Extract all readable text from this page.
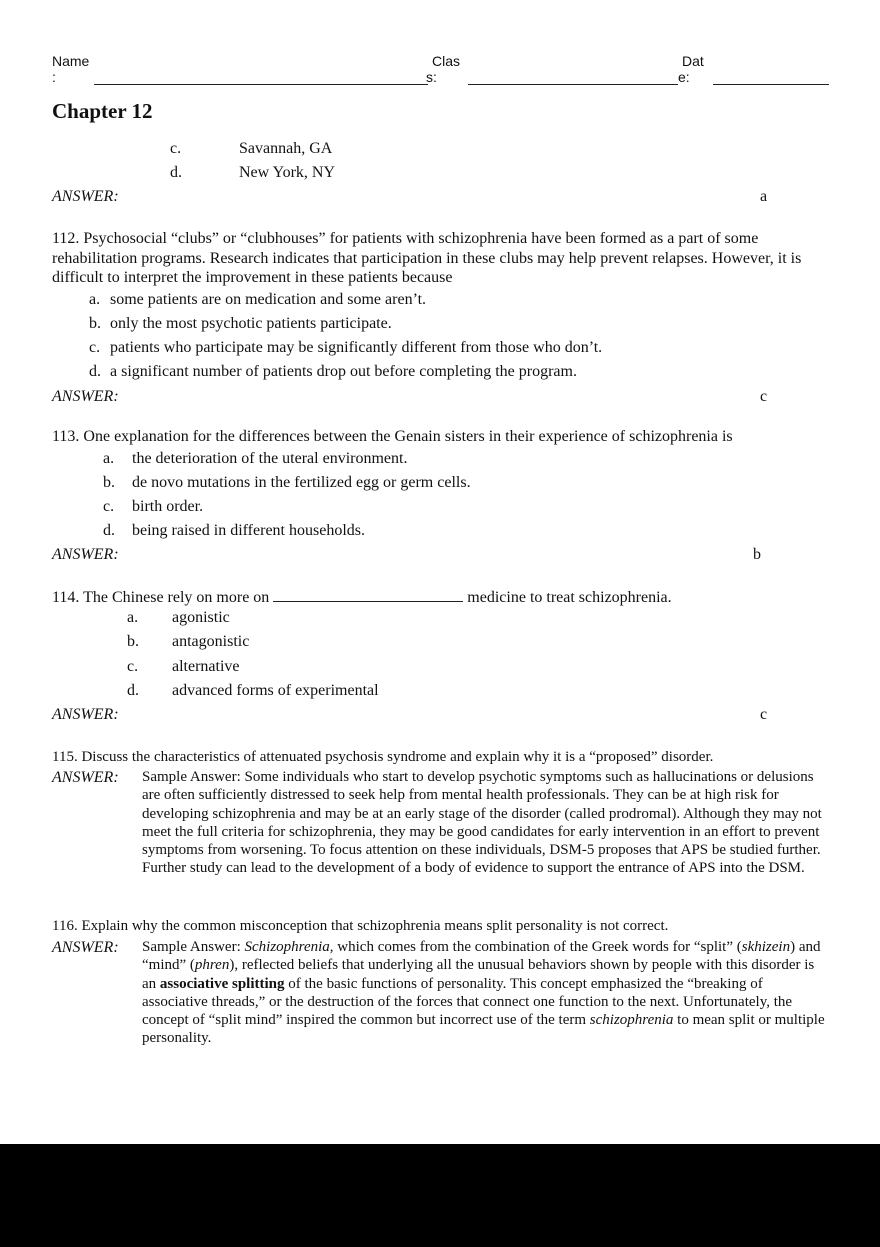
Name
:
Clas
s:
Dat
e:
Chapter 12
c.	Savannah, GA
d.	New York, NY
ANSWER:	a
112. Psychosocial “clubs” or “clubhouses” for patients with schizophrenia have been formed as a part of some rehabilitation programs. Research indicates that participation in these clubs may help prevent relapses. However, it is difficult to interpret the improvement in these patients because
a. some patients are on medication and some aren’t.
b. only the most psychotic patients participate.
c. patients who participate may be significantly different from those who don’t.
d. a significant number of patients drop out before completing the program.
ANSWER:	c
113. One explanation for the differences between the Genain sisters in their experience of schizophrenia is
a. the deterioration of the uteral environment.
b. de novo mutations in the fertilized egg or germ cells.
c. birth order.
d. being raised in different households.
ANSWER:	b
114. The Chinese rely on more on	medicine to treat schizophrenia.
a. agonistic
b. antagonistic
c. alternative
d. advanced forms of experimental
ANSWER:	c
115. Discuss the characteristics of attenuated psychosis syndrome and explain why it is a “proposed” disorder.
ANSWER: Sample Answer: Some individuals who start to develop psychotic symptoms such as hallucinations or delusions are often sufficiently distressed to seek help from mental health professionals. They can be at high risk for developing schizophrenia and may be at an early stage of the disorder (called prodromal). Although they may not meet the full criteria for schizophrenia, they may be good candidates for early intervention in an effort to prevent symptoms from worsening. To focus attention on these individuals, DSM-5 proposes that APS be studied further. Further study can lead to the development of a body of evidence to support the entrance of APS into the DSM.
116. Explain why the common misconception that schizophrenia means split personality is not correct.
ANSWER: Sample Answer: Schizophrenia, which comes from the combination of the Greek words for “split” (skhizein) and “mind” (phren), reflected beliefs that underlying all the unusual behaviors shown by people with this disorder is an associative splitting of the basic functions of personality. This concept emphasized the “breaking of associative threads,” or the destruction of the forces that connect one function to the next. Unfortunately, the concept of “split mind” inspired the common but incorrect use of the term schizophrenia to mean split or multiple personality.
